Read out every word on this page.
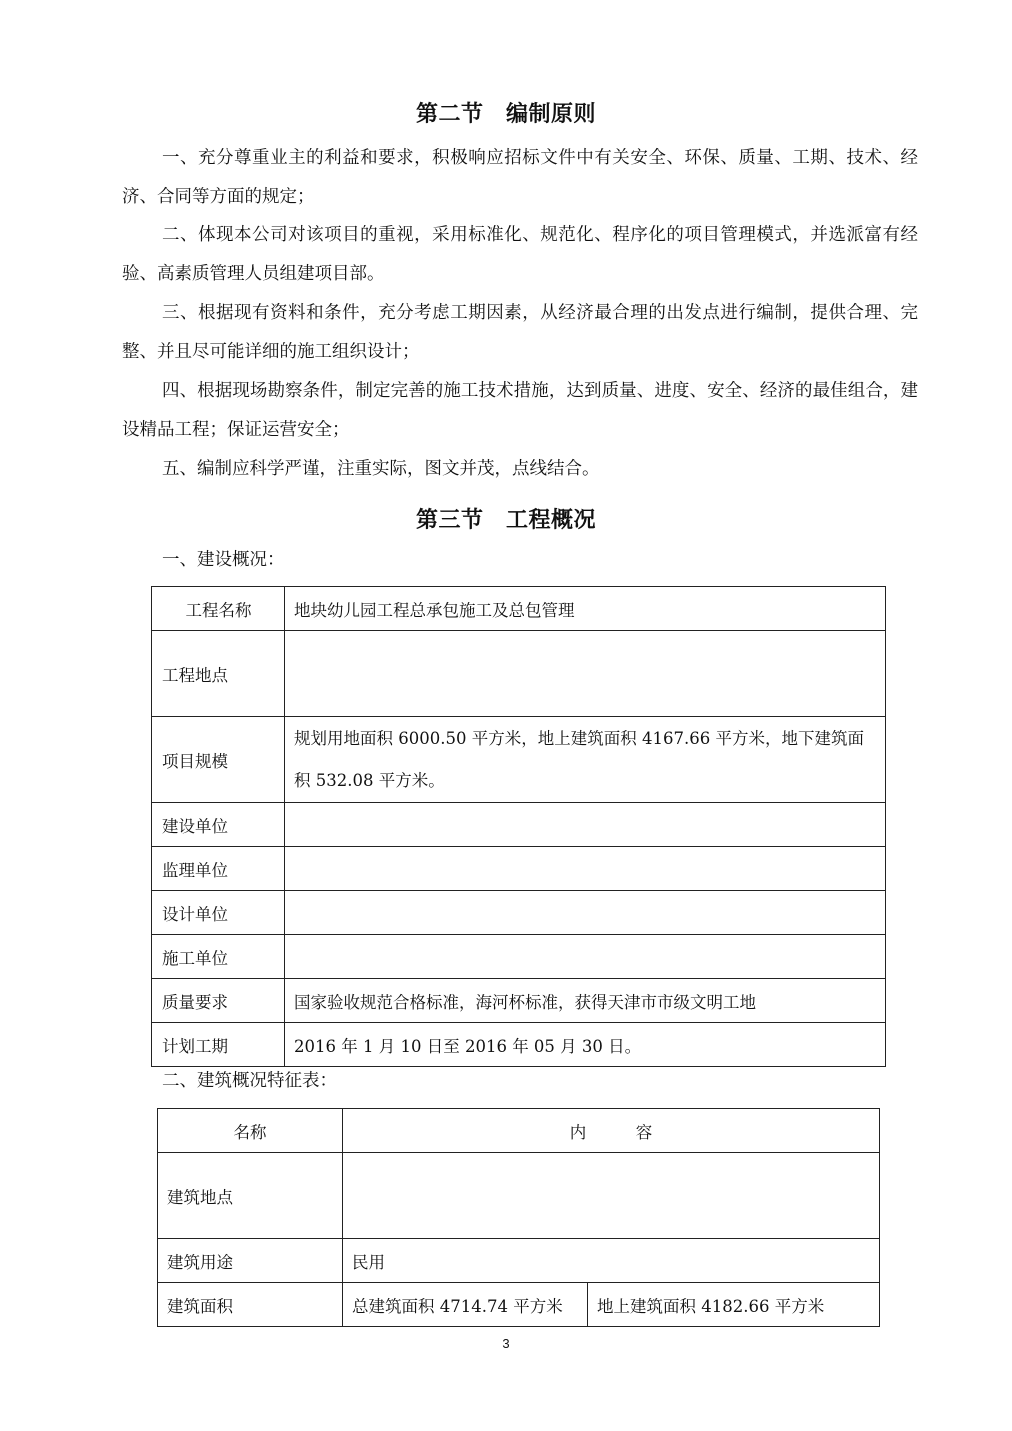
第二节　编制原则

一、充分尊重业主的利益和要求，积极响应招标文件中有关安全、环保、质量、工期、技术、经济、合同等方面的规定；

二、体现本公司对该项目的重视，采用标准化、规范化、程序化的项目管理模式，并选派富有经验、高素质管理人员组建项目部。

三、根据现有资料和条件，充分考虑工期因素，从经济最合理的出发点进行编制，提供合理、完整、并且尽可能详细的施工组织设计；

四、根据现场勘察条件，制定完善的施工技术措施，达到质量、进度、安全、经济的最佳组合，建设精品工程；保证运营安全；

五、编制应科学严谨，注重实际，图文并茂，点线结合。

第三节　工程概况

一、建设概况：

工程名称	地块幼儿园工程总承包施工及总包管理
工程地点	
项目规模	规划用地面积 6000.50 平方米，地上建筑面积 4167.66 平方米，地下建筑面积 532.08 平方米。
建设单位	
监理单位	
设计单位	
施工单位	
质量要求	国家验收规范合格标准，海河杯标准，获得天津市市级文明工地
计划工期	2016 年 1 月 10 日至 2016 年 05 月 30 日。

二、建筑概况特征表：

名称	内　　　容	
建筑地点		
建筑用途	民用	
建筑面积	总建筑面积 4714.74 平方米	地上建筑面积 4182.66 平方米

3
